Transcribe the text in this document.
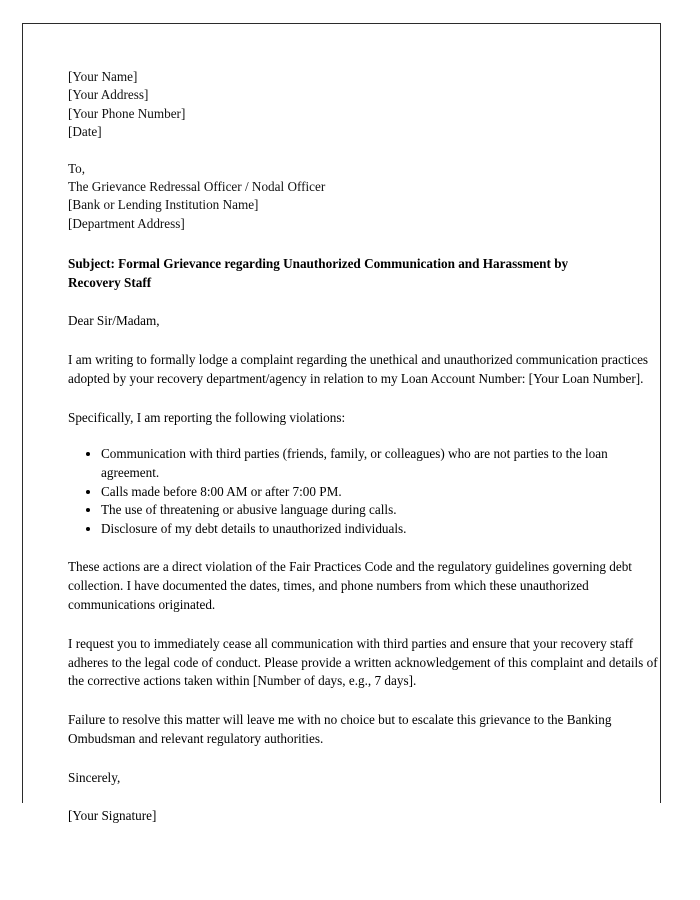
[Your Name]
[Your Address]
[Your Phone Number]
[Date]
To,
The Grievance Redressal Officer / Nodal Officer
[Bank or Lending Institution Name]
[Department Address]
Subject: Formal Grievance regarding Unauthorized Communication and Harassment by Recovery Staff
Dear Sir/Madam,
I am writing to formally lodge a complaint regarding the unethical and unauthorized communication practices adopted by your recovery department/agency in relation to my Loan Account Number: [Your Loan Number].
Specifically, I am reporting the following violations:
• Communication with third parties (friends, family, or colleagues) who are not parties to the loan agreement.
• Calls made before 8:00 AM or after 7:00 PM.
• The use of threatening or abusive language during calls.
• Disclosure of my debt details to unauthorized individuals.
These actions are a direct violation of the Fair Practices Code and the regulatory guidelines governing debt collection. I have documented the dates, times, and phone numbers from which these unauthorized communications originated.
I request you to immediately cease all communication with third parties and ensure that your recovery staff adheres to the legal code of conduct. Please provide a written acknowledgement of this complaint and details of the corrective actions taken within [Number of days, e.g., 7 days].
Failure to resolve this matter will leave me with no choice but to escalate this grievance to the Banking Ombudsman and relevant regulatory authorities.
Sincerely,
[Your Signature]
